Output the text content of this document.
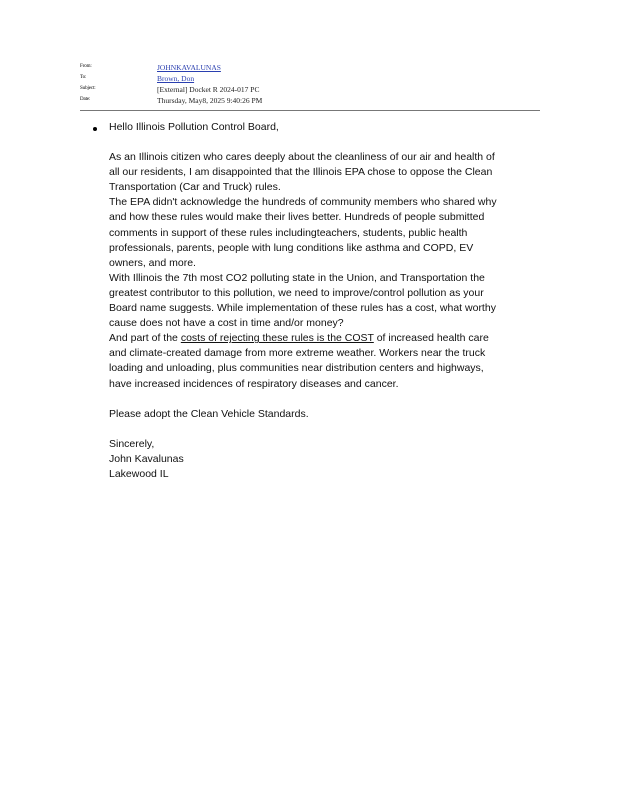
From:	JOHNKAVALUNAS
To:	Brown, Don
Subject:	[External] Docket R 2024-017 PC
Date:	Thursday, May8, 2025 9:40:26 PM
Hello Illinois Pollution Control Board,
As an Illinois citizen who cares deeply about the cleanliness of our air and health of
all our residents, I am disappointed that the Illinois EPA chose to oppose the Clean
Transportation (Car and Truck) rules.
The EPA didn't acknowledge the hundreds of community members who shared why
and how these rules would make their lives better. Hundreds of people submitted
comments in support of these rules includingteachers, students, public health
professionals, parents, people with lung conditions like asthma and COPD, EV
owners, and more.
With Illinois the 7th most CO2 polluting state in the Union, and Transportation the
greatest contributor to this pollution, we need to improve/control pollution as your
Board name suggests. While implementation of these rules has a cost, what worthy
cause does not have a cost in time and/or money?
And part of the costs of rejecting these rules is the COST of increased health care
and climate-created damage from more extreme weather. Workers near the truck
loading and unloading, plus communities near distribution centers and highways,
have increased incidences of respiratory diseases and cancer.
Please adopt the Clean Vehicle Standards.
Sincerely,
John Kavalunas
Lakewood IL
